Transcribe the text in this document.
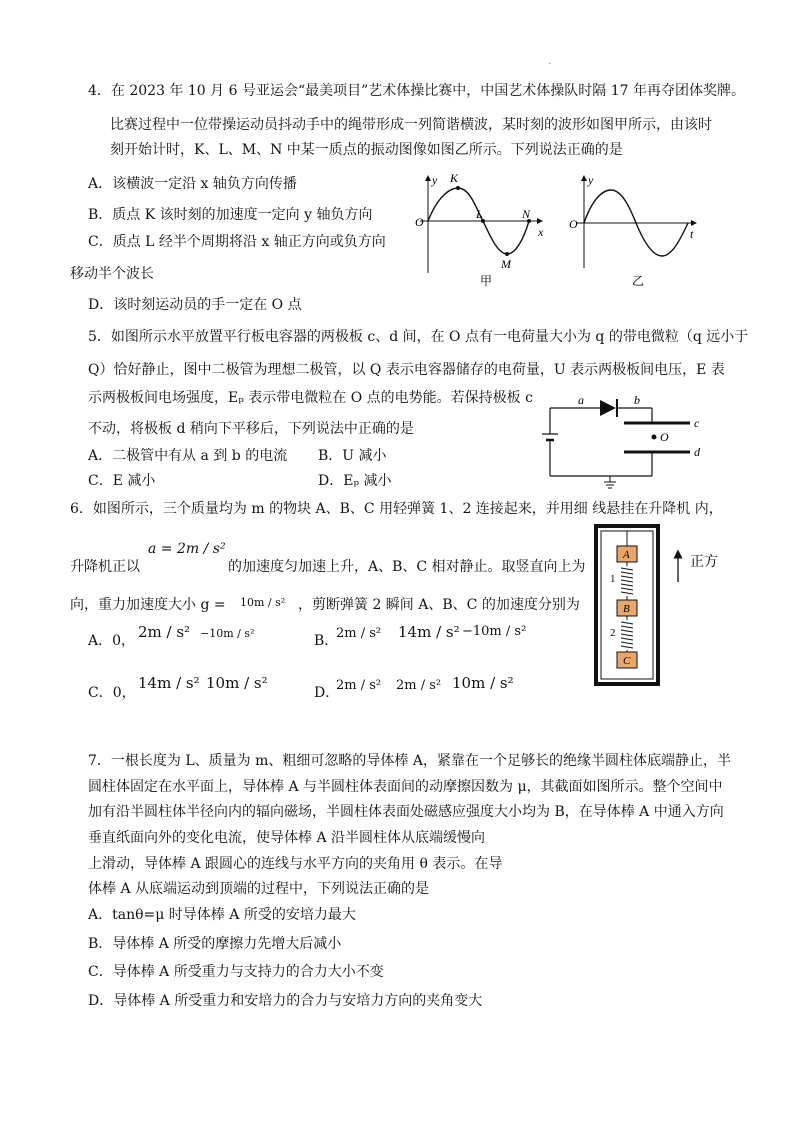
·
4．在 2023 年 10 月 6 号亚运会“最美项目”艺术体操比赛中，中国艺术体操队时隔 17 年再夺团体奖牌。
比赛过程中一位带操运动员抖动手中的绳带形成一列简谐横波，某时刻的波形如图甲所示，由该时
刻开始计时，K、L、M、N 中某一质点的振动图像如图乙所示。下列说法正确的是
A．该横波一定沿 x 轴负方向传播
B．质点 K 该时刻的加速度一定向 y 轴负方向
C．质点 L 经半个周期将沿 x 轴正方向或负方向
移动半个波长
D．该时刻运动员的手一定在 O 点
y
x
O
K
L
M
N
甲
y
t
O
乙
5．如图所示水平放置平行板电容器的两极板 c、d 间，在 O 点有一电荷量大小为 q 的带电微粒（q 远小于
Q）恰好静止，图中二极管为理想二极管，以 Q 表示电容器储存的电荷量，U 表示两极板间电压，E 表
示两极板间电场强度，Eₚ 表示带电微粒在 O 点的电势能。若保持极板 c
不动，将极板 d 稍向下平移后，下列说法中正确的是
A．二极管中有从 a 到 b 的电流 B．U 减小
C．E 减小	D．Eₚ 减小
a	b
c
d
O
6．如图所示，三个质量均为 m 的物块 A、B、C 用轻弹簧 1、2 连接起来，并用细 线悬挂在升降机 内，
升降机正以
a = 2m / s²
的加速度匀加速上升，A、B、C 相对静止。取竖直向上为
向，重力加速度大小 g = 10m / s² ，剪断弹簧 2 瞬间 A、B、C 的加速度分别为
A．0， 2m / s² −10m / s²	B．
2m / s² 14m / s² −10m / s²
C．0，
14m / s² 10m / s²
D．
2m / s² 2m / s² 10m / s²
A
B
C
1
2
正方
7．一根长度为 L、质量为 m、粗细可忽略的导体棒 A，紧靠在一个足够长的绝缘半圆柱体底端静止，半
圆柱体固定在水平面上，导体棒 A 与半圆柱体表面间的动摩擦因数为 μ，其截面如图所示。整个空间中
加有沿半圆柱体半径向内的辐向磁场，半圆柱体表面处磁感应强度大小均为 B，在导体棒 A 中通入方向
垂直纸面向外的变化电流，使导体棒 A 沿半圆柱体从底端缓慢向
上滑动，导体棒 A 跟圆心的连线与水平方向的夹角用 θ 表示。在导
体棒 A 从底端运动到顶端的过程中，下列说法正确的是
A．tanθ=μ 时导体棒 A 所受的安培力最大
B．导体棒 A 所受的摩擦力先增大后减小
C．导体棒 A 所受重力与支持力的合力大小不变
D．导体棒 A 所受重力和安培力的合力与安培力方向的夹角变大
